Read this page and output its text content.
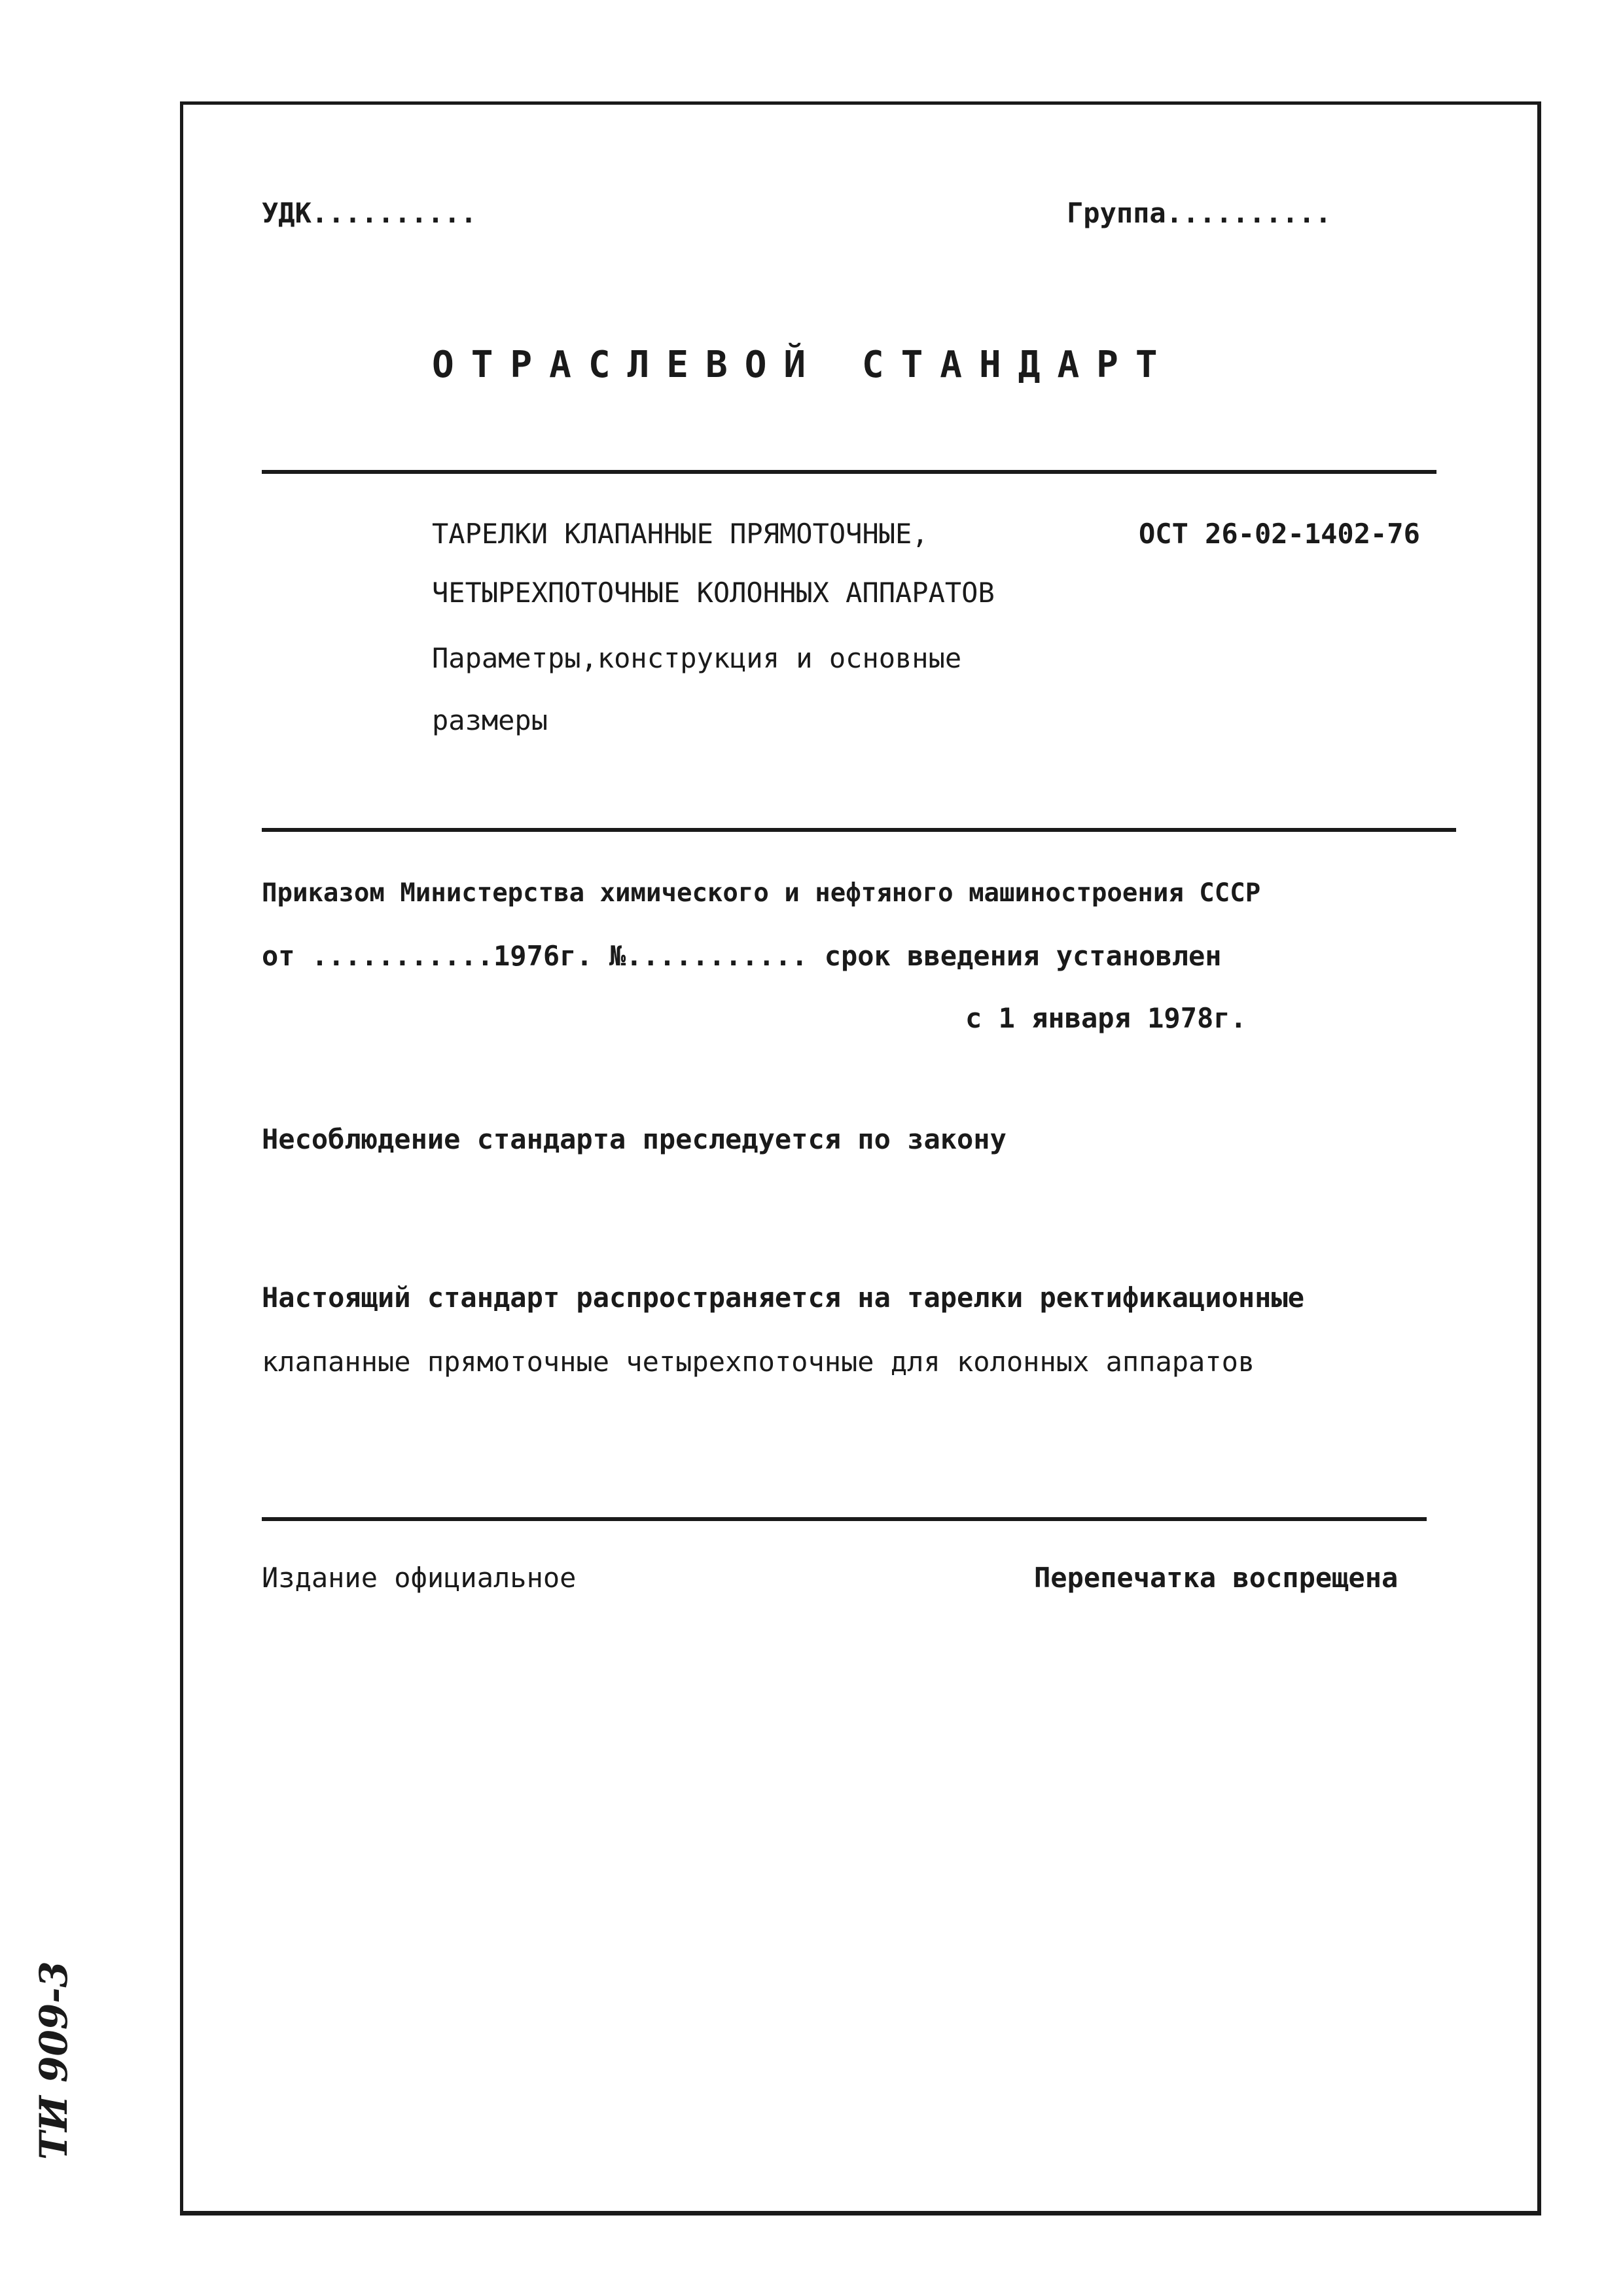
УДК..........	Группа..........
ОТРАСЛЕВОЙ СТАНДАРТ
ТАРЕЛКИ КЛАПАННЫЕ ПРЯМОТОЧНЫЕ,
ЧЕТЫРЕХПОТОЧНЫЕ КОЛОННЫХ АППАРАТОВ
Параметры,конструкция и основные
размеры
ОСТ 26-02-1402-76
Приказом Министерства химического и нефтяного машиностроения СССР
от ...........1976г. №........... срок введения установлен
с 1 января 1978г.
Несоблюдение стандарта преследуется по закону
Настоящий стандарт распространяется на тарелки ректификационные
клапанные прямоточные четырехпоточные для колонных аппаратов
Издание официальное	Перепечатка воспрещена
ТИ 909-3
